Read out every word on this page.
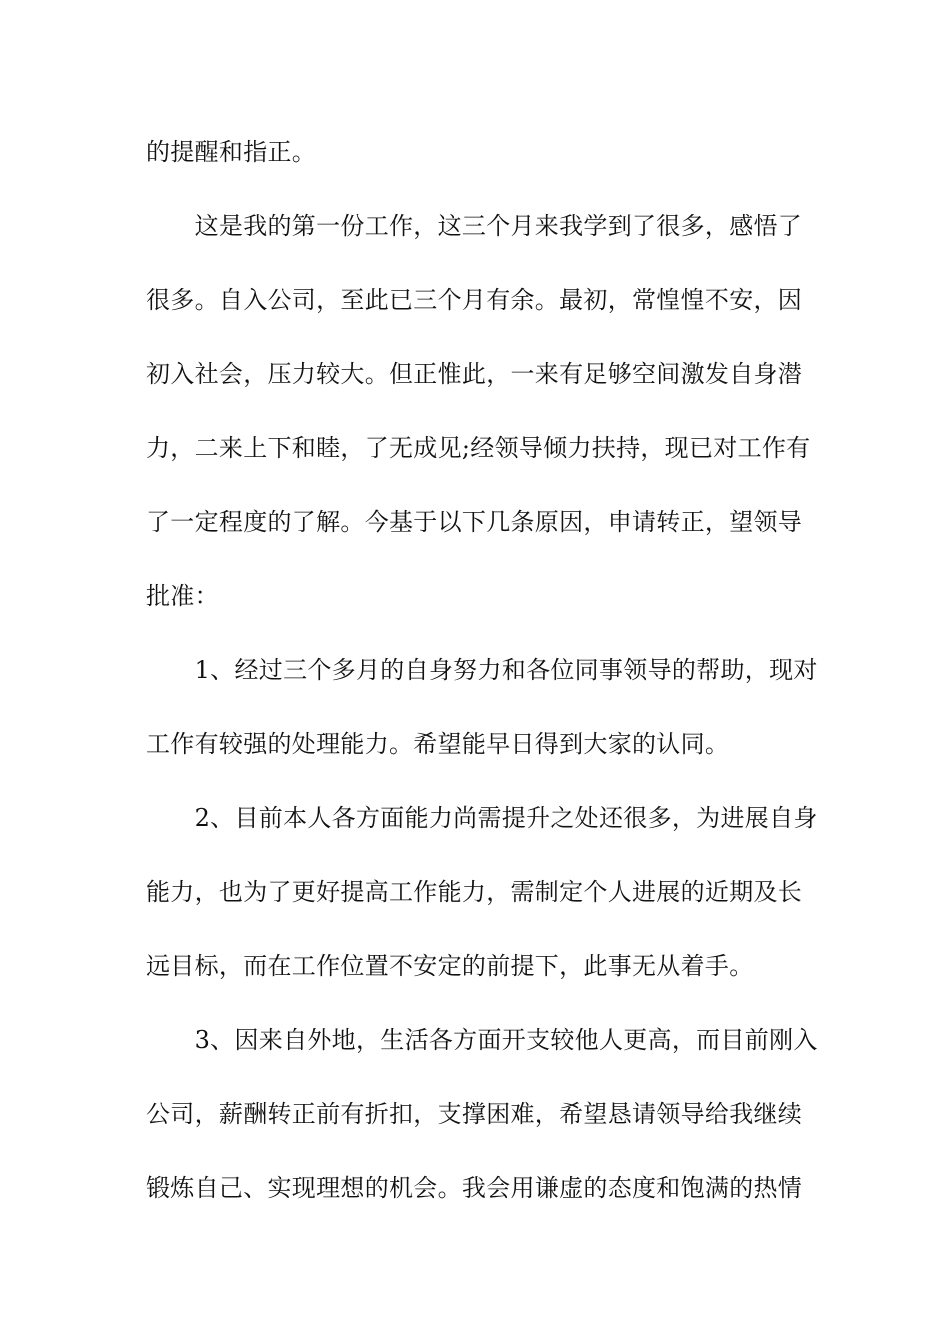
的提醒和指正。
　　这是我的第一份工作，这三个月来我学到了很多，感悟了
很多。自入公司，至此已三个月有余。最初，常惶惶不安，因
初入社会，压力较大。但正惟此，一来有足够空间激发自身潜
力，二来上下和睦，了无成见;经领导倾力扶持，现已对工作有
了一定程度的了解。今基于以下几条原因，申请转正，望领导
批准：
　　1、经过三个多月的自身努力和各位同事领导的帮助，现对
工作有较强的处理能力。希望能早日得到大家的认同。
　　2、目前本人各方面能力尚需提升之处还很多，为进展自身
能力，也为了更好提高工作能力，需制定个人进展的近期及长
远目标，而在工作位置不安定的前提下，此事无从着手。
　　3、因来自外地，生活各方面开支较他人更高，而目前刚入
公司，薪酬转正前有折扣，支撑困难，希望恳请领导给我继续
锻炼自己、实现理想的机会。我会用谦虚的态度和饱满的热情
